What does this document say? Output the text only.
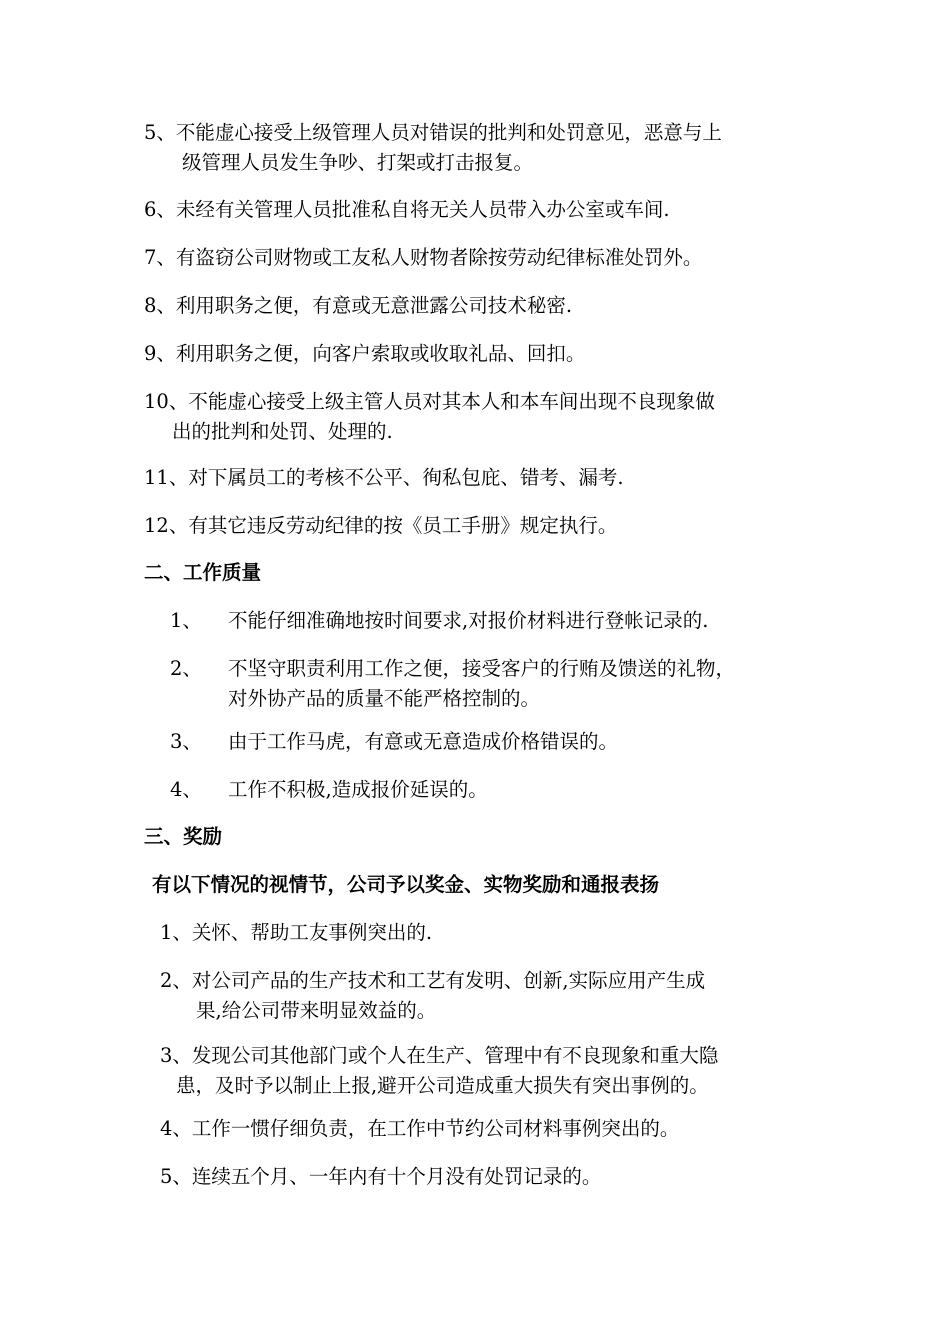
5、不能虚心接受上级管理人员对错误的批判和处罚意见，恶意与上
级管理人员发生争吵、打架或打击报复。

6、未经有关管理人员批准私自将无关人员带入办公室或车间.

7、有盗窃公司财物或工友私人财物者除按劳动纪律标准处罚外。

8、利用职务之便，有意或无意泄露公司技术秘密.

9、利用职务之便，向客户索取或收取礼品、回扣。

10、不能虚心接受上级主管人员对其本人和本车间出现不良现象做
出的批判和处罚、处理的.

11、对下属员工的考核不公平、徇私包庇、错考、漏考.

12、有其它违反劳动纪律的按《员工手册》规定执行。

二、工作质量

1、 不能仔细准确地按时间要求,对报价材料进行登帐记录的.

2、 不坚守职责利用工作之便，接受客户的行贿及馈送的礼物，
对外协产品的质量不能严格控制的。

3、 由于工作马虎，有意或无意造成价格错误的。

4、 工作不积极,造成报价延误的。

三、奖励

有以下情况的视情节，公司予以奖金、实物奖励和通报表扬

1、关怀、帮助工友事例突出的.

2、对公司产品的生产技术和工艺有发明、创新,实际应用产生成
果,给公司带来明显效益的。

3、发现公司其他部门或个人在生产、管理中有不良现象和重大隐
患，及时予以制止上报,避开公司造成重大损失有突出事例的。

4、工作一惯仔细负责，在工作中节约公司材料事例突出的。

5、连续五个月、一年内有十个月没有处罚记录的。
